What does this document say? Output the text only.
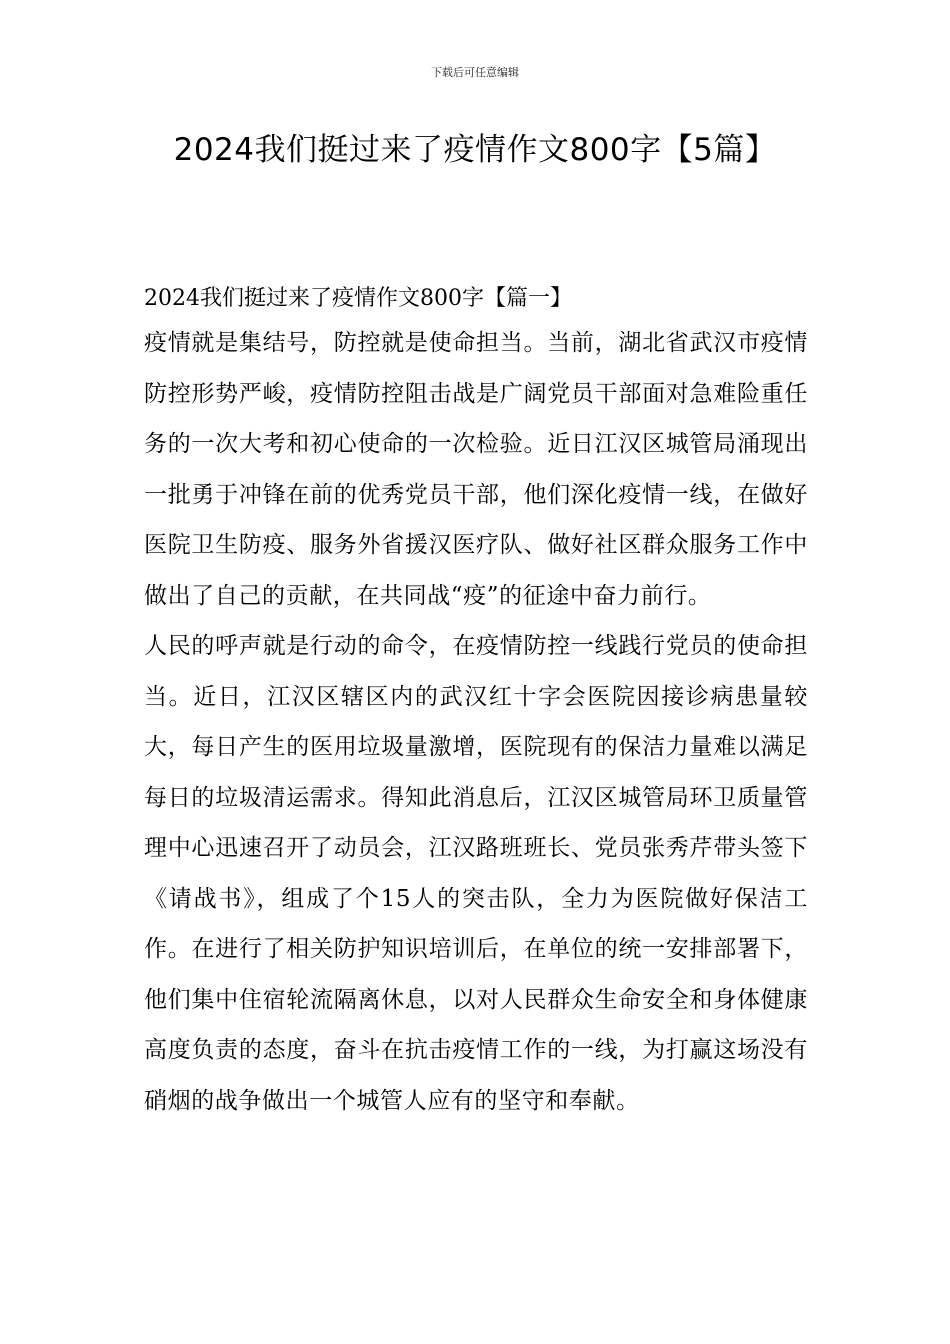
下载后可任意编辑
2024我们挺过来了疫情作文800字【5篇】
2024我们挺过来了疫情作文800字【篇一】

疫情就是集结号，防控就是使命担当。当前，湖北省武汉市疫情防控形势严峻，疫情防控阻击战是广阔党员干部面对急难险重任务的一次大考和初心使命的一次检验。近日江汉区城管局涌现出一批勇于冲锋在前的优秀党员干部，他们深化疫情一线，在做好医院卫生防疫、服务外省援汉医疗队、做好社区群众服务工作中做出了自己的贡献，在共同战“疫”的征途中奋力前行。

人民的呼声就是行动的命令，在疫情防控一线践行党员的使命担当。近日，江汉区辖区内的武汉红十字会医院因接诊病患量较大，每日产生的医用垃圾量激增，医院现有的保洁力量难以满足每日的垃圾清运需求。得知此消息后，江汉区城管局环卫质量管理中心迅速召开了动员会，江汉路班班长、党员张秀芹带头签下《请战书》，组成了个15人的突击队，全力为医院做好保洁工作。在进行了相关防护知识培训后，在单位的统一安排部署下，他们集中住宿轮流隔离休息，以对人民群众生命安全和身体健康高度负责的态度，奋斗在抗击疫情工作的一线，为打赢这场没有硝烟的战争做出一个城管人应有的坚守和奉献。
